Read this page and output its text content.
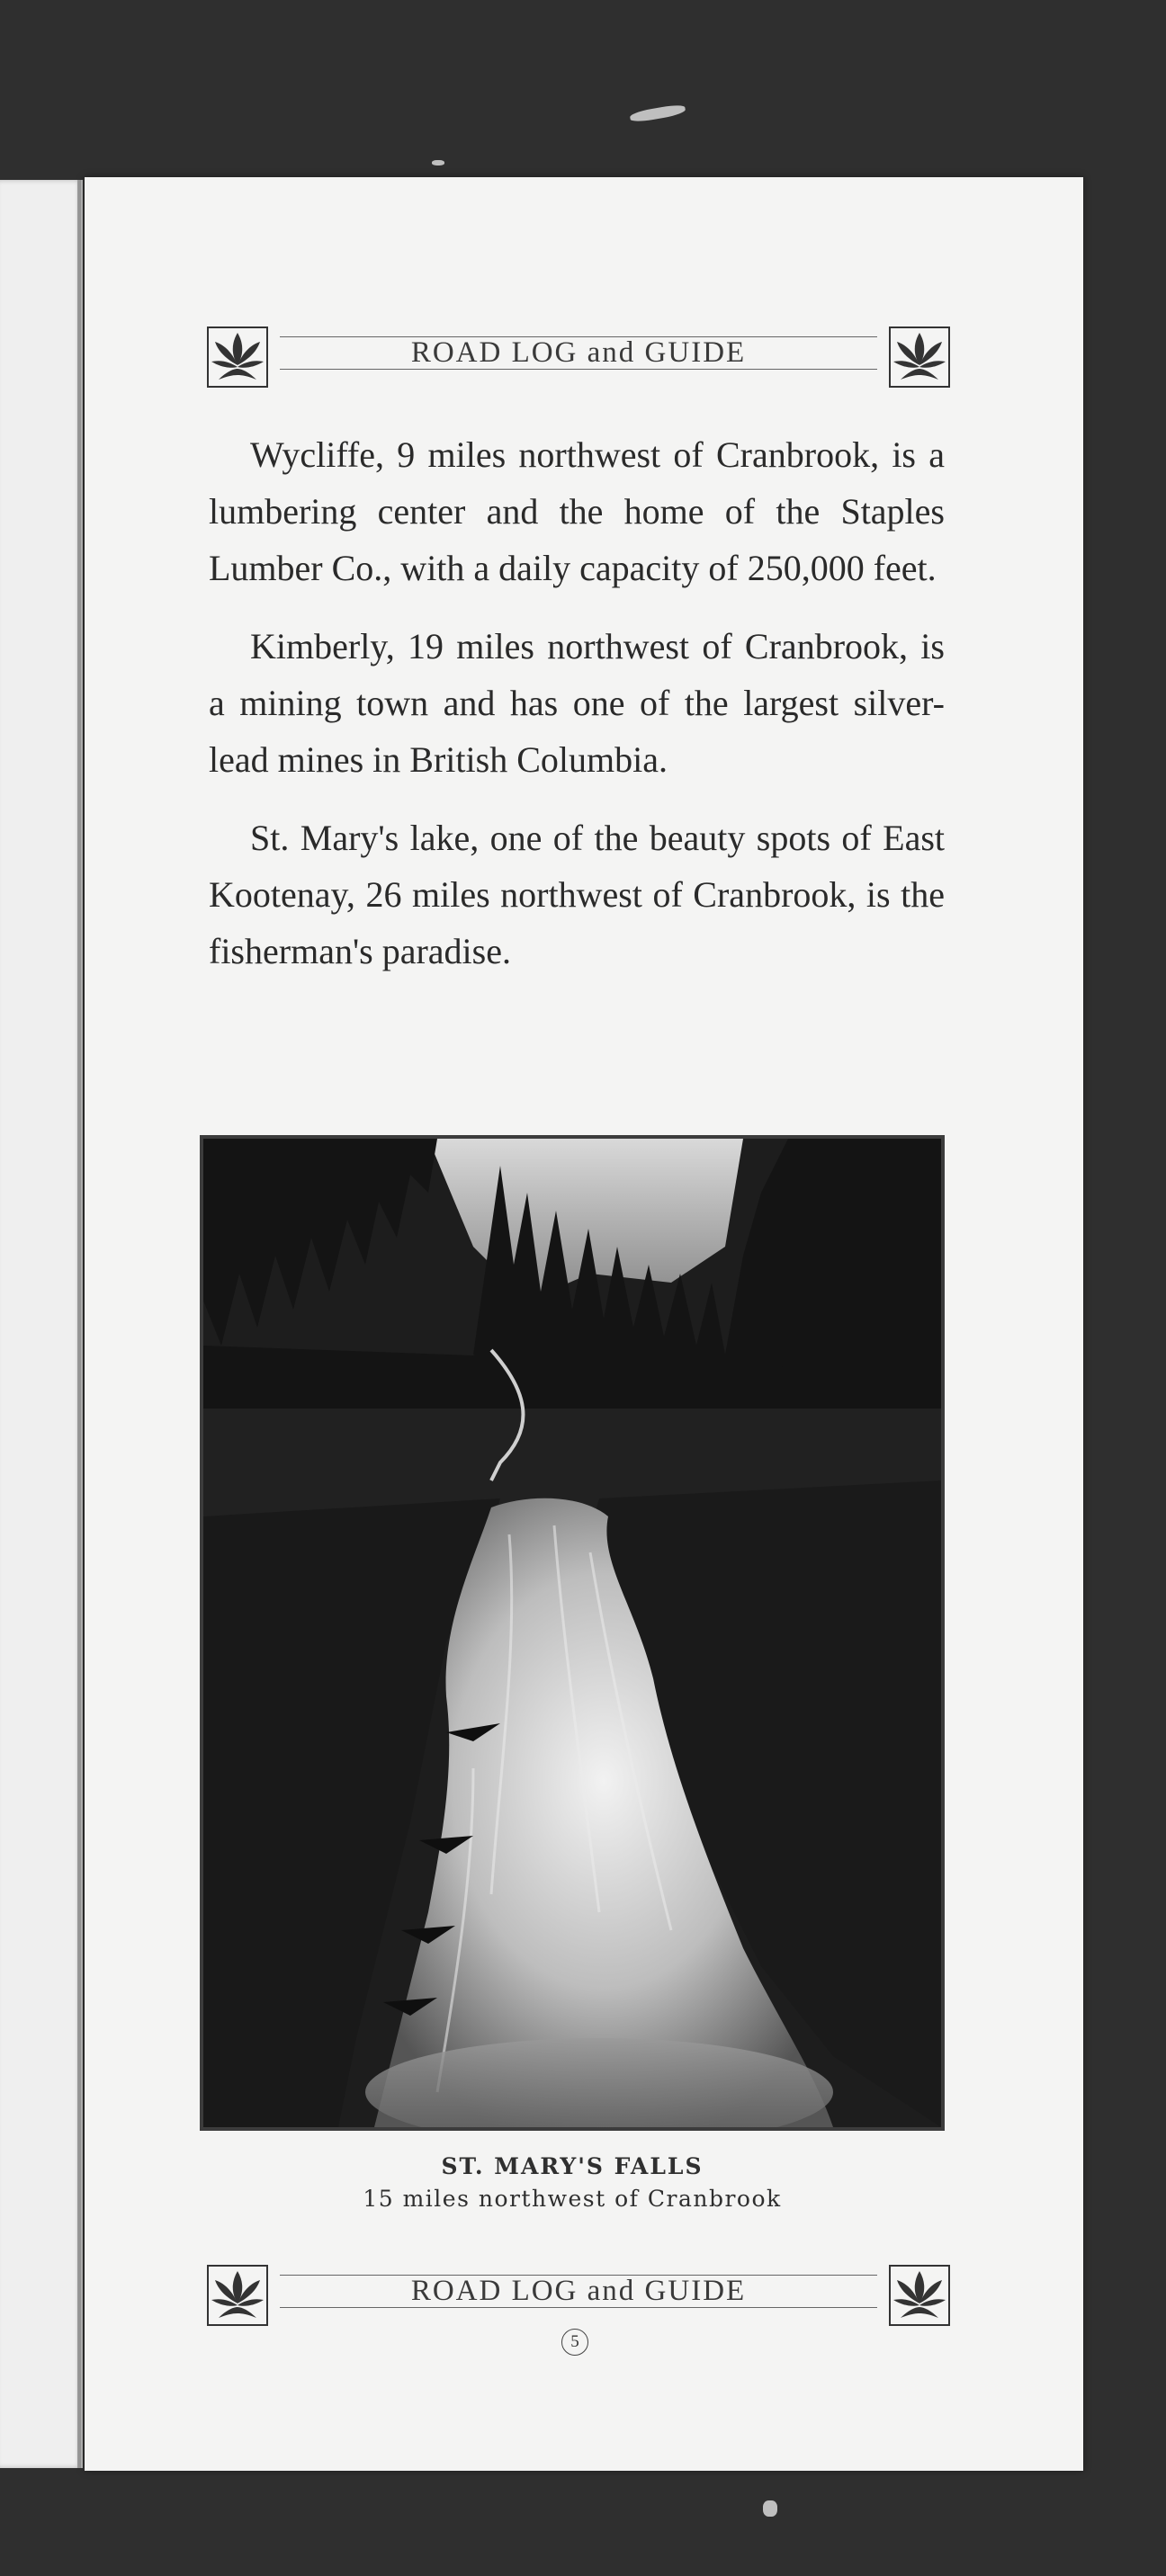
ROAD LOG and GUIDE

Wycliffe, 9 miles northwest of Cranbrook, is a lumbering center and the home of the Staples Lumber Co., with a daily capacity of 250,000 feet.

Kimberly, 19 miles northwest of Cranbrook, is a mining town and has one of the largest silver-lead mines in British Columbia.

St. Mary's lake, one of the beauty spots of East Kootenay, 26 miles northwest of Cranbrook, is the fisherman's paradise.

ST. MARY'S FALLS
15 miles northwest of Cranbrook
ROAD LOG and GUIDE
5
